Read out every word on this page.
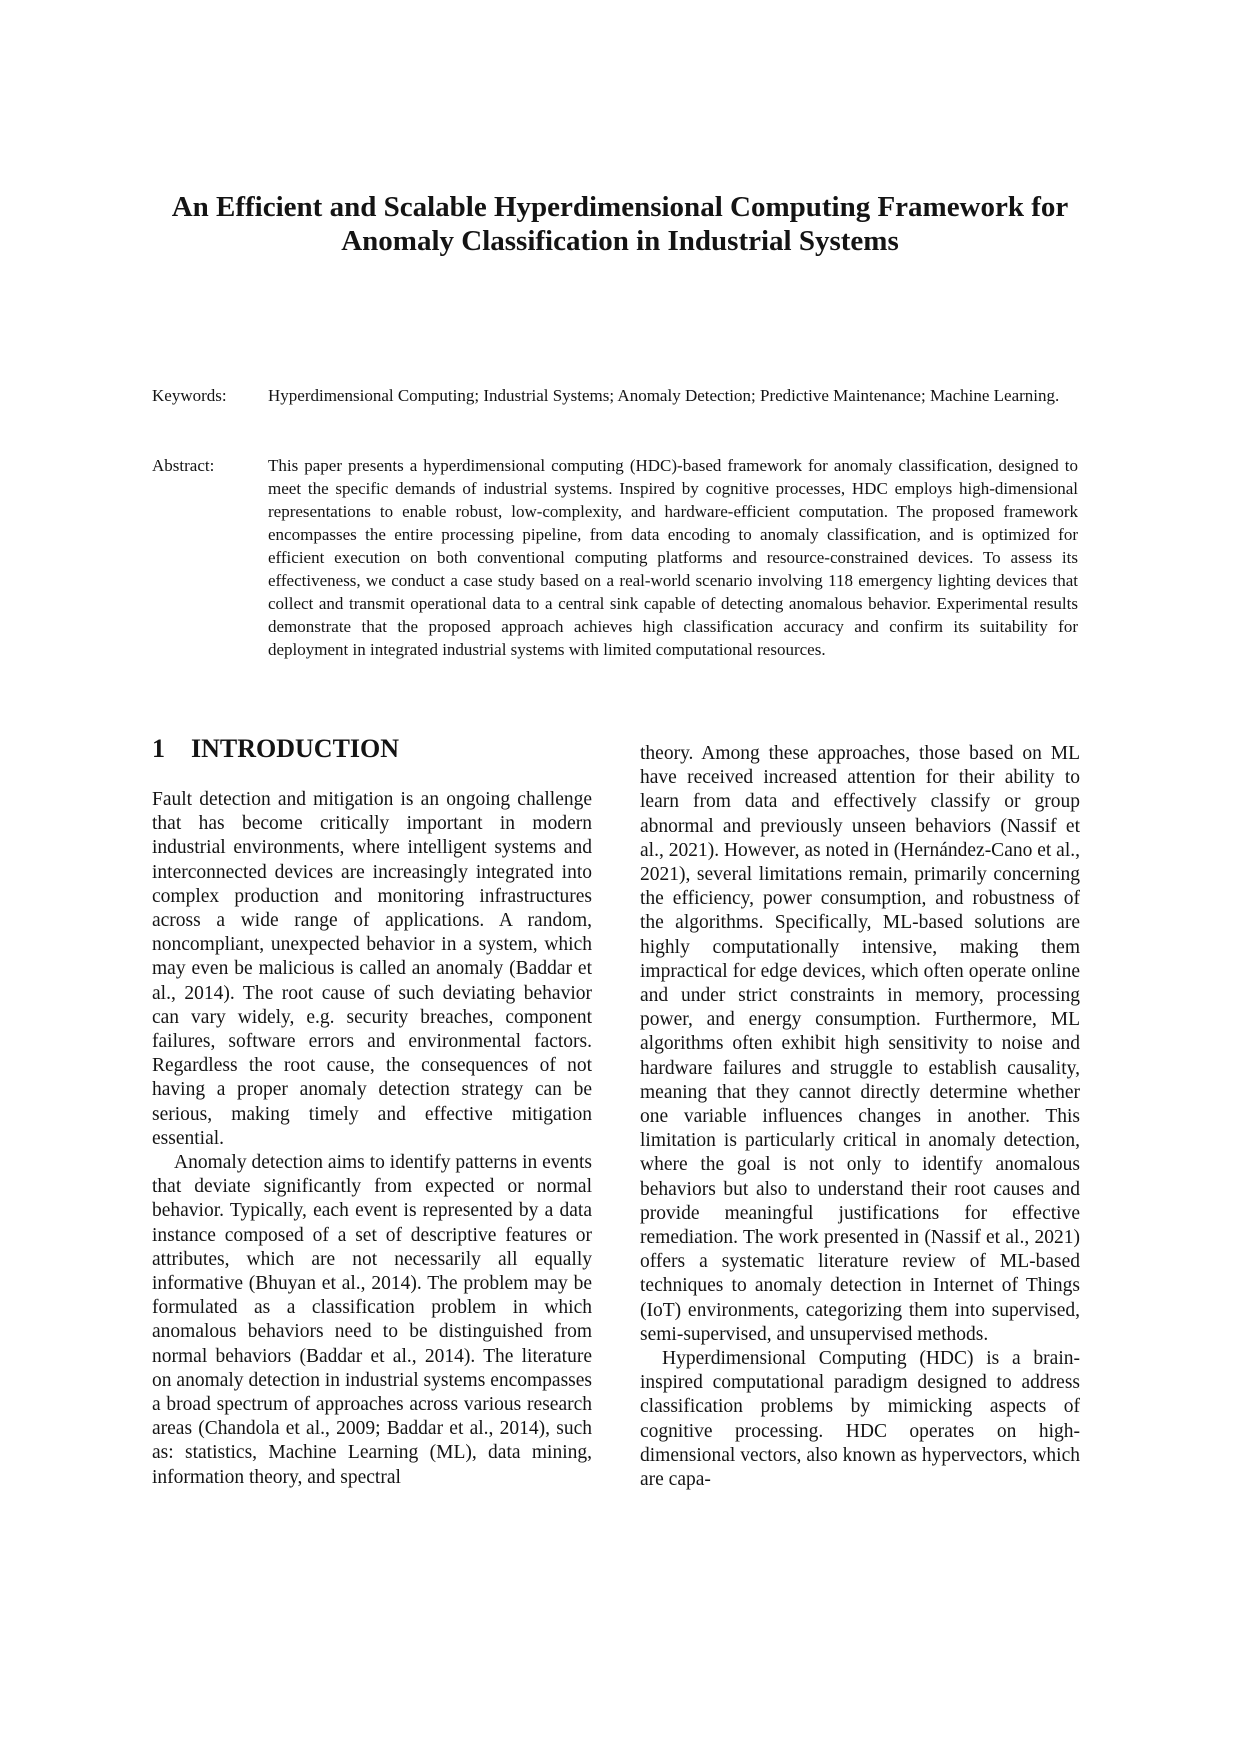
An Efficient and Scalable Hyperdimensional Computing Framework for Anomaly Classification in Industrial Systems
Keywords: Hyperdimensional Computing; Industrial Systems; Anomaly Detection; Predictive Maintenance; Machine Learning.
Abstract:	This paper presents a hyperdimensional computing (HDC)-based framework for anomaly classification, designed to meet the specific demands of industrial systems. Inspired by cognitive processes, HDC employs high-dimensional representations to enable robust, low-complexity, and hardware-efficient computation. The proposed framework encompasses the entire processing pipeline, from data encoding to anomaly classification, and is optimized for efficient execution on both conventional computing platforms and resource-constrained devices. To assess its effectiveness, we conduct a case study based on a real-world scenario involving 118 emergency lighting devices that collect and transmit operational data to a central sink capable of detecting anomalous behavior. Experimental results demonstrate that the proposed approach achieves high classification accuracy and confirm its suitability for deployment in integrated industrial systems with limited computational resources.
1 INTRODUCTION

Fault detection and mitigation is an ongoing challenge that has become critically important in modern industrial environments, where intelligent systems and interconnected devices are increasingly integrated into complex production and monitoring infrastructures across a wide range of applications. A random, noncompliant, unexpected behavior in a system, which may even be malicious is called an anomaly (Baddar et al., 2014). The root cause of such deviating behavior can vary widely, e.g. security breaches, component failures, software errors and environmental factors. Regardless the root cause, the consequences of not having a proper anomaly detection strategy can be serious, making timely and effective mitigation essential.

Anomaly detection aims to identify patterns in events that deviate significantly from expected or normal behavior. Typically, each event is represented by a data instance composed of a set of descriptive features or attributes, which are not necessarily all equally informative (Bhuyan et al., 2014). The problem may be formulated as a classification problem in which anomalous behaviors need to be distinguished from normal behaviors (Baddar et al., 2014). The literature on anomaly detection in industrial systems encompasses a broad spectrum of approaches across various research areas (Chandola et al., 2009; Baddar et al., 2014), such as: statistics, Machine Learning (ML), data mining, information theory, and spectral

theory. Among these approaches, those based on ML have received increased attention for their ability to learn from data and effectively classify or group abnormal and previously unseen behaviors (Nassif et al., 2021). However, as noted in (Hernández-Cano et al., 2021), several limitations remain, primarily concerning the efficiency, power consumption, and robustness of the algorithms. Specifically, ML-based solutions are highly computationally intensive, making them impractical for edge devices, which often operate online and under strict constraints in memory, processing power, and energy consumption. Furthermore, ML algorithms often exhibit high sensitivity to noise and hardware failures and struggle to establish causality, meaning that they cannot directly determine whether one variable influences changes in another. This limitation is particularly critical in anomaly detection, where the goal is not only to identify anomalous behaviors but also to understand their root causes and provide meaningful justifications for effective remediation. The work presented in (Nassif et al., 2021) offers a systematic literature review of ML-based techniques to anomaly detection in Internet of Things (IoT) environments, categorizing them into supervised, semi-supervised, and unsupervised methods.

Hyperdimensional Computing (HDC) is a brain-inspired computational paradigm designed to address classification problems by mimicking aspects of cognitive processing. HDC operates on high-dimensional vectors, also known as hypervectors, which are capa-
